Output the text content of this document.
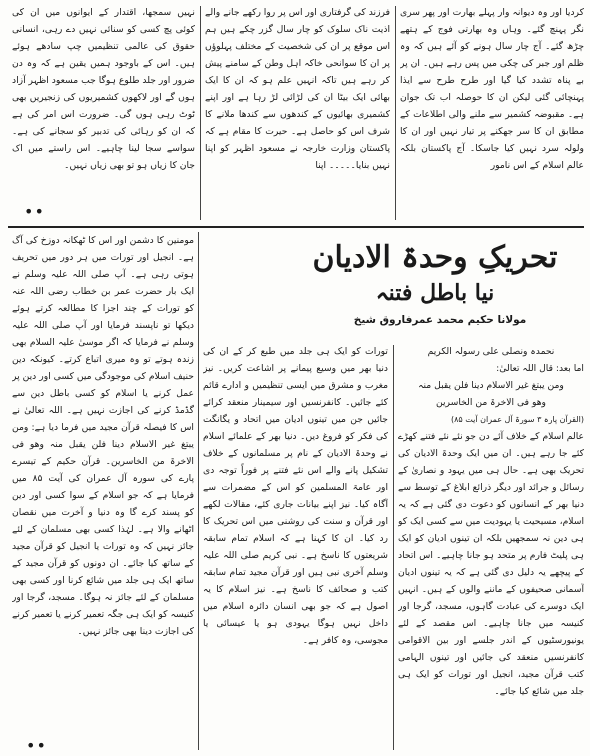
کردیا اور وہ دیوانہ وار پہلے بھارت اور پھر سری نگر پہنچ گئے۔ وہاں وہ بھارتی فوج کے ہتھے چڑھ گئے۔ آج چار سال ہونے کو آئے ہیں کہ وہ ظلم اور جبر کی چکی میں پس رہے ہیں۔ ان پر بے پناہ تشدد کیا گیا اور طرح طرح سے ایذا پہنچائی گئی لیکن ان کا حوصلہ اب تک جوان ہے۔ مقبوضہ کشمیر سے ملنے والی اطلاعات کے مطابق ان کا سر جھکنے پر تیار نہیں اور ان کا ولولہ سرد نہیں کیا جاسکا۔ آج پاکستان بلکہ عالم اسلام کے اس نامور
فرزند کی گرفتاری اور اس پر روا رکھے جانے والے اذیت ناک سلوک کو چار سال گزر چکے ہیں ہم اس موقع پر ان کی شخصیت کے مختلف پہلوؤں پر ان کا سوانحی خاکہ اہل وطن کے سامنے پیش کر رہے ہیں تاکہ انہیں علم ہو کہ ان کا ایک بھائی ایک بیٹا ان کی لڑائی لڑ رہا ہے اور اپنے کشمیری بھائیوں کے کندھوں سے کندھا ملانے کا شرف اس کو حاصل ہے۔ حیرت کا مقام ہے کہ پاکستان وزارت خارجہ نے مسعود اظہر کو اپنا نہیں بنایا۔۔۔۔۔ اپنا
نہیں سمجھا، اقتدار کے ایوانوں میں ان کی کوئی پچ کسی کو سنائی نہیں دے رہی، انسانی حقوق کی عالمی تنظیمیں چپ سادھے ہوئے ہیں۔ اس کے باوجود ہمیں یقین ہے کہ وہ دن ضرور اور جلد طلوع ہوگا جب مسعود اظہر آزاد ہوں گے اور لاکھوں کشمیریوں کی زنجیریں بھی ٹوٹ رہی ہوں گی۔ ضرورت اس امر کی ہے کہ ان کو رہائی کی تدبیر کو سجانے کی ہے۔ سواسے سجا لینا چاہیے۔ اس راستے میں اک جان کا زیاں ہو تو بھی زیاں نہیں۔
••
تحریکِ وحدۃ الادیان
نیا باطل فتنہ
مولانا حکیم محمد عمرفاروق شیخ

نحمدہ ونصلی علی رسولہ الکریم

اما بعد: قال اللہ تعالیٰ:

ومن یبتغ غیر الاسلام دینا فلن یقبل منہ

وھو فی الاخرۃ من الخاسرین

(القرآن پارہ ۳ سورۃ آل عمران آیت ۸۵)

عالم اسلام کے خلاف آئے دن جو نئے نئے فتنے کھڑے کئے جا رہے ہیں۔ ان میں ایک وحدۃ الادیان کی تحریک بھی ہے۔ حال ہی میں یہود و نصاریٰ کے رسائل و جرائد اور دیگر ذرائع ابلاغ کے توسط سے دنیا بھر کے انسانوں کو دعوت دی گئی ہے کہ یہ اسلام، مسیحیت یا یہودیت میں سے کسی ایک کو ہی دین نہ سمجھیں بلکہ ان تینوں ادیان کو ایک ہی پلیٹ فارم پر متحد ہو جانا چاہیے۔ اس اتحاد کے پیچھے یہ دلیل دی گئی ہے کہ یہ تینوں ادیان آسمانی صحیفوں کے ماننے والوں کے ہیں۔ انہیں ایک دوسرے کی عبادت گاہوں، مسجد، گرجا اور کنیسہ میں جانا چاہیے۔ اس مقصد کے لئے یونیورسٹیوں کے اندر جلسے اور بین الاقوامی کانفرنسیں منعقد کی جائیں اور تینوں الہامی کتب قرآن مجید، انجیل اور تورات کو ایک ہی جلد میں شائع کیا جائے۔

تورات کو ایک ہی جلد میں طبع کر کے ان کی دنیا بھر میں وسیع پیمانے پر اشاعت کریں۔ نیز مغرب و مشرق میں ایسی تنظیمیں و ادارے قائم کئے جائیں۔ کانفرنسیں اور سیمینار منعقد کرائے جائیں جن میں تینوں ادیان میں اتحاد و یگانگت کی فکر کو فروغ دیں۔ دنیا بھر کے علمائے اسلام نے وحدۃ الادیان کے نام پر مسلمانوں کے خلاف تشکیل پانے والے اس نئے فتنے پر فوراً توجہ دی اور عامۃ المسلمین کو اس کے مضمرات سے آگاہ کیا۔ نیز اپنے بیانات جاری کئے، مقالات لکھے اور قرآن و سنت کی روشنی میں اس تحریک کا رد کیا۔ ان کا کہنا ہے کہ اسلام تمام سابقہ شریعتوں کا ناسخ ہے۔ نبی کریم صلی اللہ علیہ وسلم آخری نبی ہیں اور قرآن مجید تمام سابقہ کتب و صحائف کا ناسخ ہے۔ نیز اسلام کا یہ اصول ہے کہ جو بھی انسان دائرہ اسلام میں داخل نہیں ہوگا یہودی ہو یا عیسائی یا مجوسی، وہ کافر ہے۔
مومنین کا دشمن اور اس کا ٹھکانہ دوزخ کی آگ ہے۔ انجیل اور تورات میں ہر دور میں تحریف ہوتی رہی ہے۔ آپ صلی اللہ علیہ وسلم نے ایک بار حضرت عمر بن خطاب رضی اللہ عنہ کو تورات کے چند اجزا کا مطالعہ کرتے ہوئے دیکھا تو ناپسند فرمایا اور آپ صلی اللہ علیہ وسلم نے فرمایا کہ اگر موسیٰ علیہ السلام بھی زندہ ہوتے تو وہ میری اتباع کرتے۔ کیونکہ دین حنیف اسلام کی موجودگی میں کسی اور دین پر عمل کرنے یا اسلام کو کسی باطل دین سے گڈمڈ کرنے کی اجازت نہیں ہے۔ اللہ تعالیٰ نے اس کا فیصلہ قرآن مجید میں فرما دیا ہے: ومن یبتغ غیر الاسلام دینا فلن یقبل منہ وھو فی الاخرۃ من الخاسرین۔ قرآن حکیم کے تیسرے پارے کی سورہ آل عمران کی آیت ۸۵ میں فرمایا ہے کہ جو اسلام کے سوا کسی اور دین کو پسند کرے گا وہ دنیا و آخرت میں نقصان اٹھانے والا ہے۔ لہٰذا کسی بھی مسلمان کے لئے جائز نہیں کہ وہ تورات یا انجیل کو قرآن مجید کے ساتھ کیا جائے۔ ان دونوں کو قرآن مجید کے ساتھ ایک ہی جلد میں شائع کرنا اور کسی بھی مسلمان کے لئے جائز نہ ہوگا۔ مسجد، گرجا اور کنیسہ کو ایک ہی جگہ تعمیر کرنے یا تعمیر کرنے کی اجازت دینا بھی جائز نہیں۔
••
